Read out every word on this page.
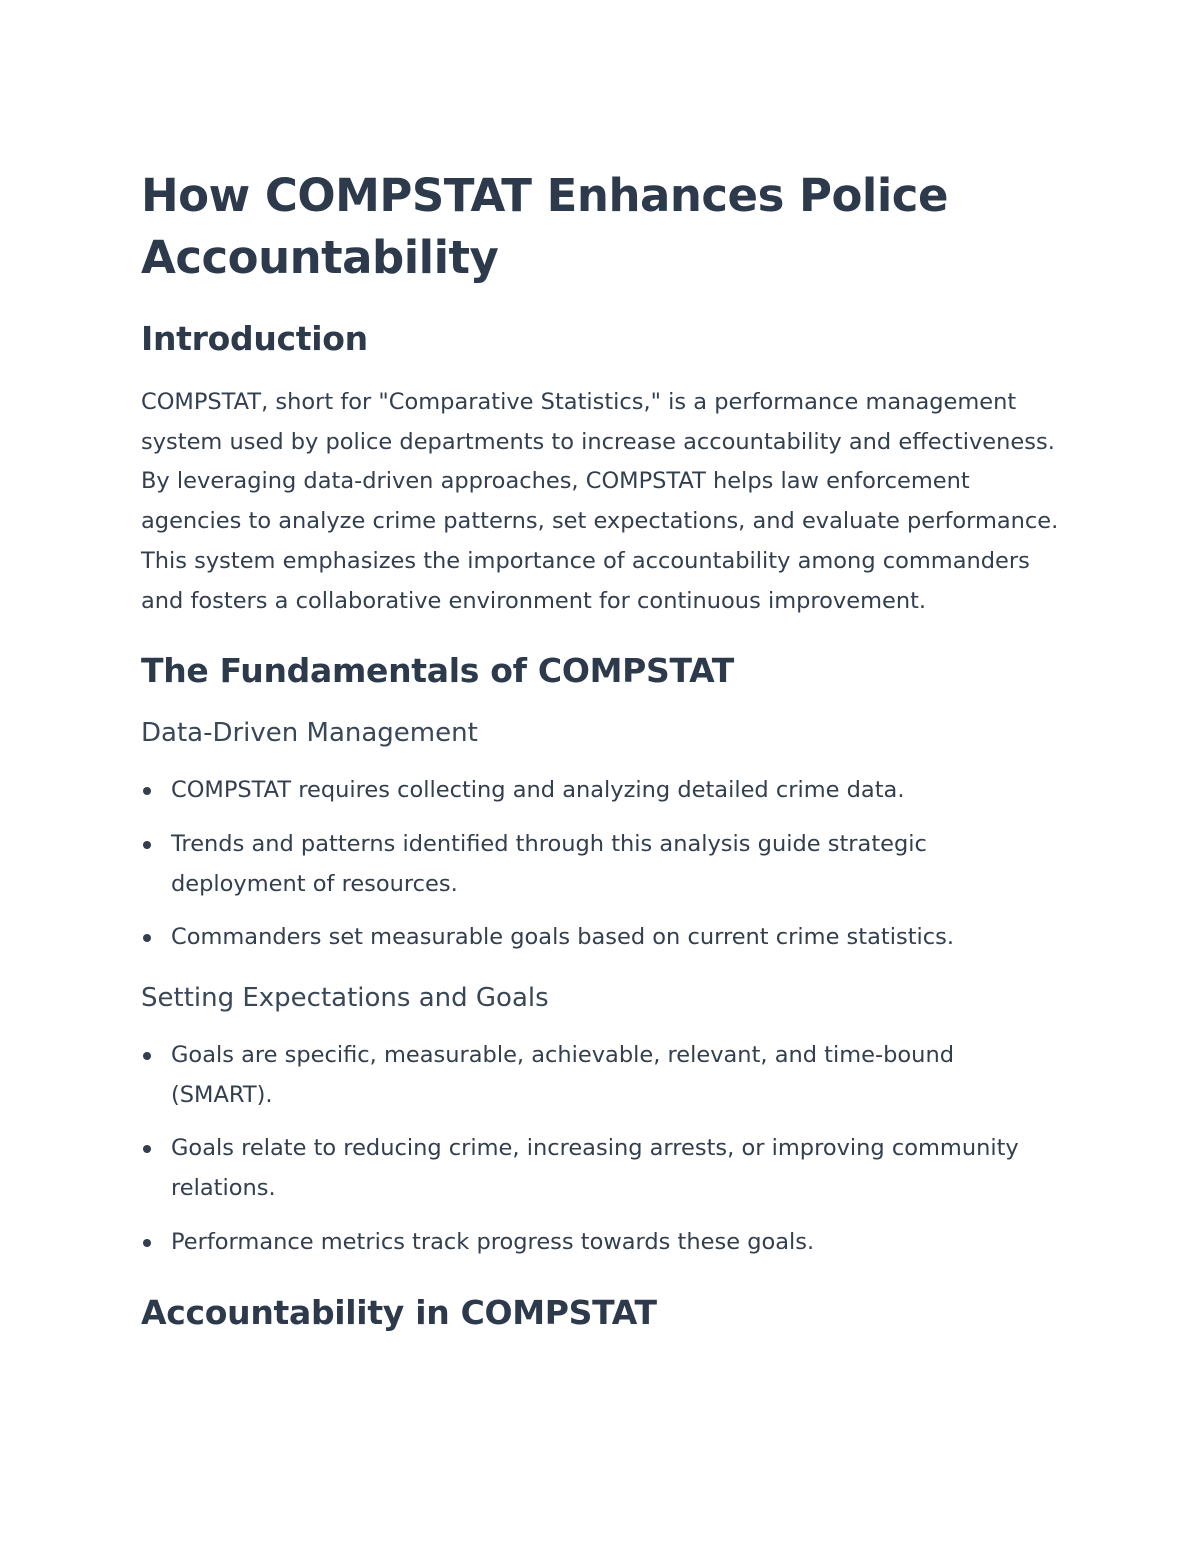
How COMPSTAT Enhances Police Accountability
Introduction

COMPSTAT, short for "Comparative Statistics," is a performance management system used by police departments to increase accountability and effectiveness. By leveraging data-driven approaches, COMPSTAT helps law enforcement agencies to analyze crime patterns, set expectations, and evaluate performance. This system emphasizes the importance of accountability among commanders and fosters a collaborative environment for continuous improvement.

The Fundamentals of COMPSTAT
Data-Driven Management
COMPSTAT requires collecting and analyzing detailed crime data.
Trends and patterns identified through this analysis guide strategic deployment of resources.
Commanders set measurable goals based on current crime statistics.
Setting Expectations and Goals
Goals are specific, measurable, achievable, relevant, and time-bound (SMART).
Goals relate to reducing crime, increasing arrests, or improving community relations.
Performance metrics track progress towards these goals.
Accountability in COMPSTAT
